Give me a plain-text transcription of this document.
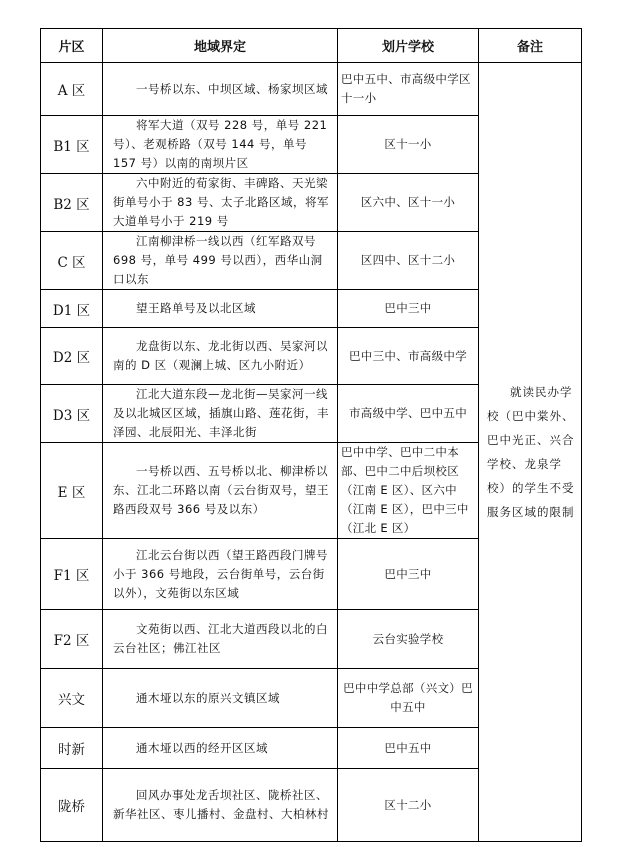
片区	地域界定	划片学校	备注
A 区	一号桥以东、中坝区域、杨家坝区域	巴中五中、市高级中学区十一小	就读民办学校（巴中棠外、巴中光正、兴合学校、龙泉学校）的学生不受服务区域的限制

B1 区	将军大道（双号 228 号，单号 221 号）、老观桥路（双号 144 号，单号 157 号）以南的南坝片区	区十一小	
B2 区	六中附近的荀家街、丰碑路、天光梁街单号小于 83 号、太子北路区域，将军大道单号小于 219 号	区六中、区十一小	
C 区	江南柳津桥一线以西（红军路双号 698 号，单号 499 号以西），西华山洞口以东	区四中、区十二小	
D1 区	望王路单号及以北区域	巴中三中	
D2 区	龙盘街以东、龙北街以西、吴家河以南的 D 区（观澜上城、区九小附近）	巴中三中、市高级中学	
D3 区	江北大道东段—龙北街—吴家河一线及以北城区区域，插旗山路、莲花街，丰泽园、北辰阳光、丰泽北街	市高级中学、巴中五中	
E 区	一号桥以西、五号桥以北、柳津桥以东、江北二环路以南（云台街双号，望王路西段双号 366 号及以东）	巴中中学、巴中二中本部、巴中二中后坝校区（江南 E 区）、区六中（江南 E 区），巴中三中（江北 E 区）	
F1 区	江北云台街以西（望王路西段门牌号小于 366 号地段，云台街单号，云台街以外），文苑街以东区域	巴中三中	
F2 区	文苑街以西、江北大道西段以北的白云台社区；佛江社区	云台实验学校	
兴文	通木垭以东的原兴文镇区域	巴中中学总部（兴文）巴中五中	
时新	通木垭以西的经开区区域	巴中五中	
陇桥	回风办事处龙舌坝社区、陇桥社区、新华社区、枣儿播村、金盘村、大柏林村	区十二小	
